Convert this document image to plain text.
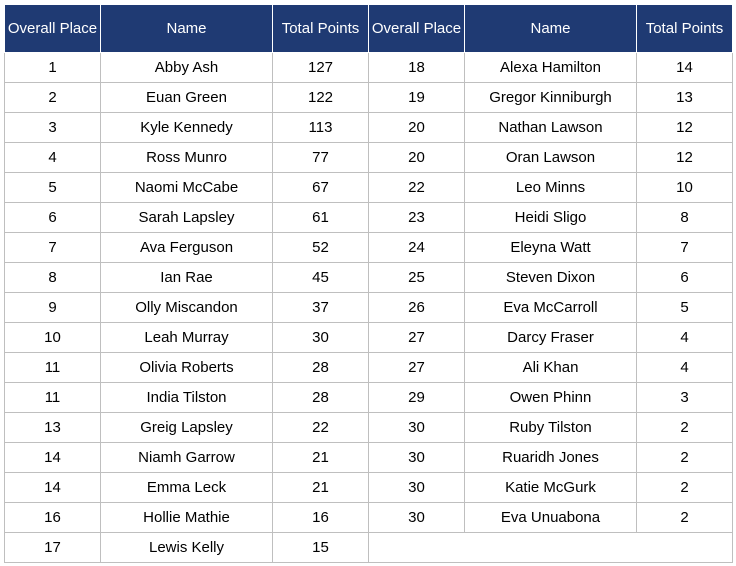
Overall Place	Name	Total Points	Overall Place	Name	Total Points
1	Abby Ash	127	18	Alexa Hamilton	14
2	Euan Green	122	19	Gregor Kinniburgh	13
3	Kyle Kennedy	113	20	Nathan Lawson	12
4	Ross Munro	77	20	Oran Lawson	12
5	Naomi McCabe	67	22	Leo Minns	10
6	Sarah Lapsley	61	23	Heidi Sligo	8
7	Ava Ferguson	52	24	Eleyna Watt	7
8	Ian Rae	45	25	Steven Dixon	6
9	Olly Miscandon	37	26	Eva McCarroll	5
10	Leah Murray	30	27	Darcy Fraser	4
11	Olivia Roberts	28	27	Ali Khan	4
11	India Tilston	28	29	Owen Phinn	3
13	Greig Lapsley	22	30	Ruby Tilston	2
14	Niamh Garrow	21	30	Ruaridh Jones	2
14	Emma Leck	21	30	Katie McGurk	2
16	Hollie Mathie	16	30	Eva Unuabona	2
17	Lewis Kelly	15			
